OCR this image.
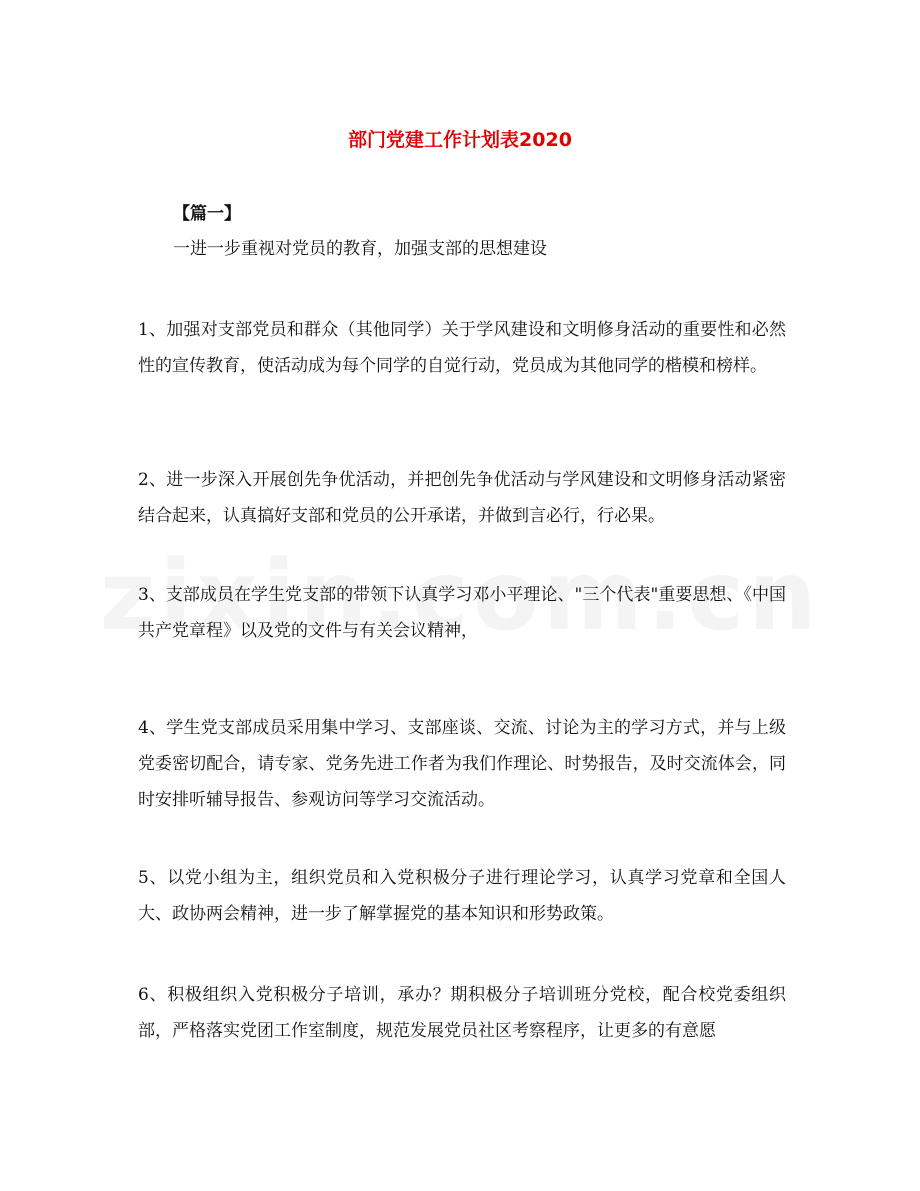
部门党建工作计划表2020
【篇一】
一进一步重视对党员的教育，加强支部的思想建设
1、加强对支部党员和群众（其他同学）关于学风建设和文明修身活动的重要性和必然性的宣传教育，使活动成为每个同学的自觉行动，党员成为其他同学的楷模和榜样。
2、进一步深入开展创先争优活动，并把创先争优活动与学风建设和文明修身活动紧密结合起来，认真搞好支部和党员的公开承诺，并做到言必行，行必果。
3、支部成员在学生党支部的带领下认真学习邓小平理论、"三个代表"重要思想、《中国共产党章程》以及党的文件与有关会议精神，
4、学生党支部成员采用集中学习、支部座谈、交流、讨论为主的学习方式，并与上级党委密切配合，请专家、党务先进工作者为我们作理论、时势报告，及时交流体会，同时安排听辅导报告、参观访问等学习交流活动。
5、以党小组为主，组织党员和入党积极分子进行理论学习，认真学习党章和全国人大、政协两会精神，进一步了解掌握党的基本知识和形势政策。
6、积极组织入党积极分子培训，承办？期积极分子培训班分党校，配合校党委组织部，严格落实党团工作室制度，规范发展党员社区考察程序，让更多的有意愿
